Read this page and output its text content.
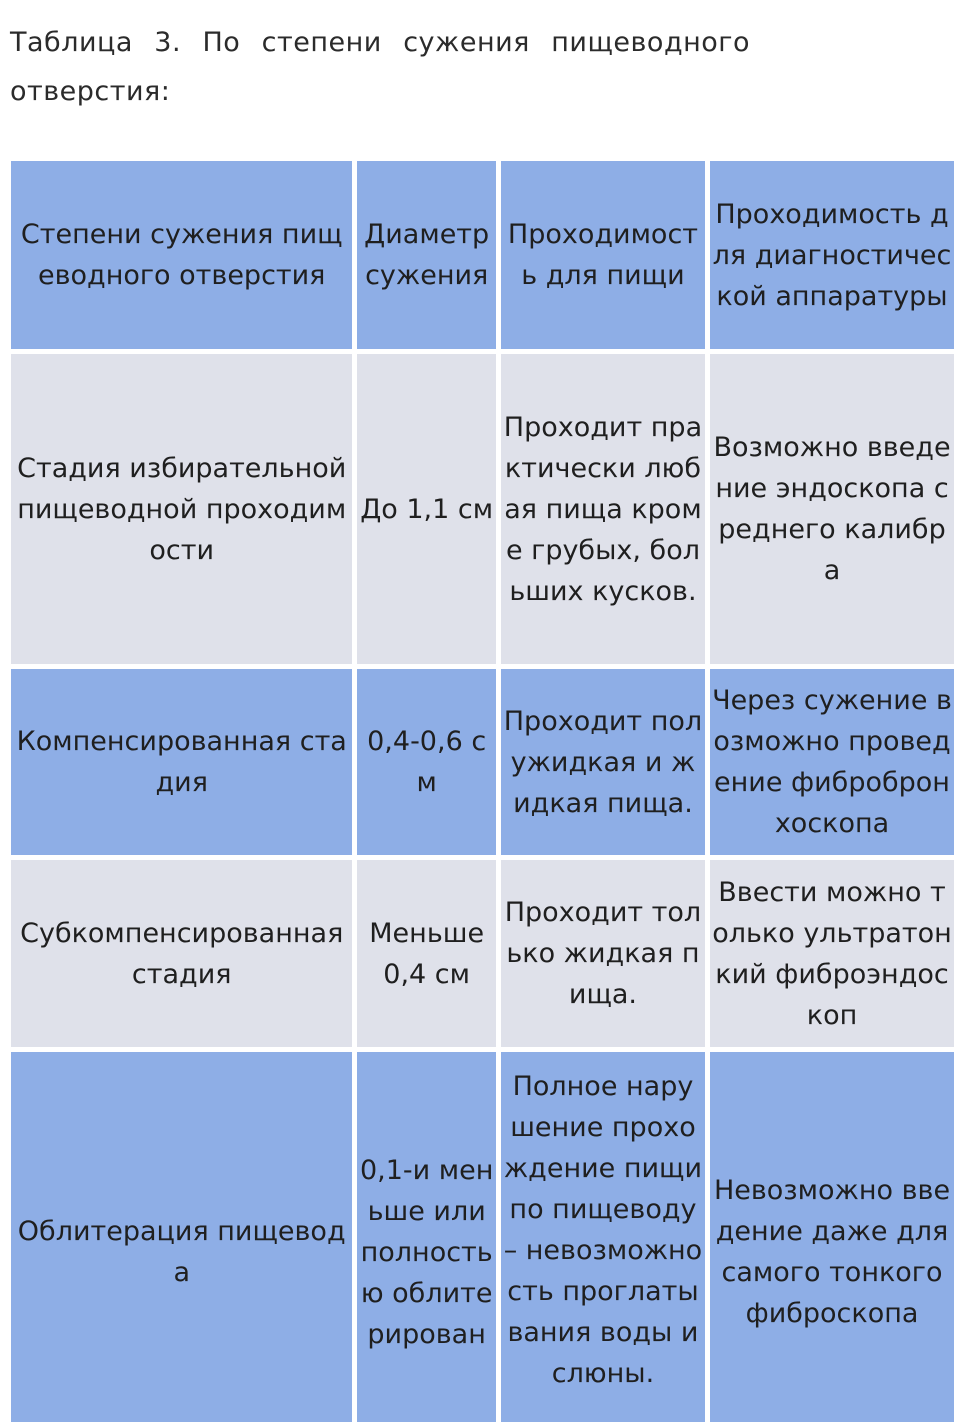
Таблица 3. По степени сужения пищеводного отверстия:

Степени сужения пищеводного отверстия	Диаметр сужения	Проходимость для пищи	Проходимость для диагностической аппаратуры

Стадия избирательной пищеводной проходимости	До 1,1 см	Проходит практически любая пища кроме грубых, больших кусков.	Возможно введение эндоскопа среднего калибра

Компенсированная стадия	0,4-0,6 см	Проходит полужидкая и жидкая пища.	Через сужение возможно проведение фибробронхоскопа

Субкомпенсированная стадия	Меньше 0,4 см	Проходит только жидкая пища.	Ввести можно только ультратонкий фиброэндоскоп

Облитерация пищевода	0,1-и меньше или полностью облитерирован	Полное нарушение прохождение пищи по пищеводу – невозможность проглатывания воды и слюны.	Невозможно введение даже для самого тонкого фиброскопа
